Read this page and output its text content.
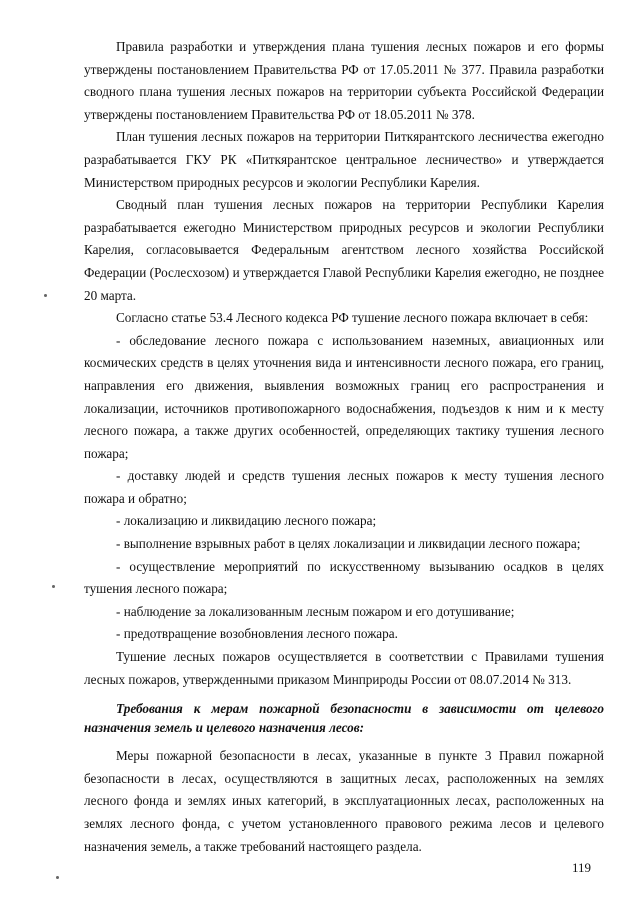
Правила разработки и утверждения плана тушения лесных пожаров и его формы утверждены постановлением Правительства РФ от 17.05.2011 № 377. Правила разработки сводного плана тушения лесных пожаров на территории субъекта Российской Федерации утверждены постановлением Правительства РФ от 18.05.2011 № 378.

План тушения лесных пожаров на территории Питкярантского лесничества ежегодно разрабатывается ГКУ РК «Питкярантское центральное лесничество» и утверждается Министерством природных ресурсов и экологии Республики Карелия.

Сводный план тушения лесных пожаров на территории Республики Карелия разрабатывается ежегодно Министерством природных ресурсов и экологии Республики Карелия, согласовывается Федеральным агентством лесного хозяйства Российской Федерации (Рослесхозом) и утверждается Главой Республики Карелия ежегодно, не позднее 20 марта.

Согласно статье 53.4 Лесного кодекса РФ тушение лесного пожара включает в себя:

- обследование лесного пожара с использованием наземных, авиационных или космических средств в целях уточнения вида и интенсивности лесного пожара, его границ, направления его движения, выявления возможных границ его распространения и локализации, источников противопожарного водоснабжения, подъездов к ним и к месту лесного пожара, а также других особенностей, определяющих тактику тушения лесного пожара;

- доставку людей и средств тушения лесных пожаров к месту тушения лесного пожара и обратно;

- локализацию и ликвидацию лесного пожара;

- выполнение взрывных работ в целях локализации и ликвидации лесного пожара;

- осуществление мероприятий по искусственному вызыванию осадков в целях тушения лесного пожара;

- наблюдение за локализованным лесным пожаром и его дотушивание;

- предотвращение возобновления лесного пожара.

Тушение лесных пожаров осуществляется в соответствии с Правилами тушения лесных пожаров, утвержденными приказом Минприроды России от 08.07.2014 № 313.

Требования к мерам пожарной безопасности в зависимости от целевого назначения земель и целевого назначения лесов:

Меры пожарной безопасности в лесах, указанные в пункте 3 Правил пожарной безопасности в лесах, осуществляются в защитных лесах, расположенных на землях лесного фонда и землях иных категорий, в эксплуатационных лесах, расположенных на землях лесного фонда, с учетом установленного правового режима лесов и целевого назначения земель, а также требований настоящего раздела.

119
